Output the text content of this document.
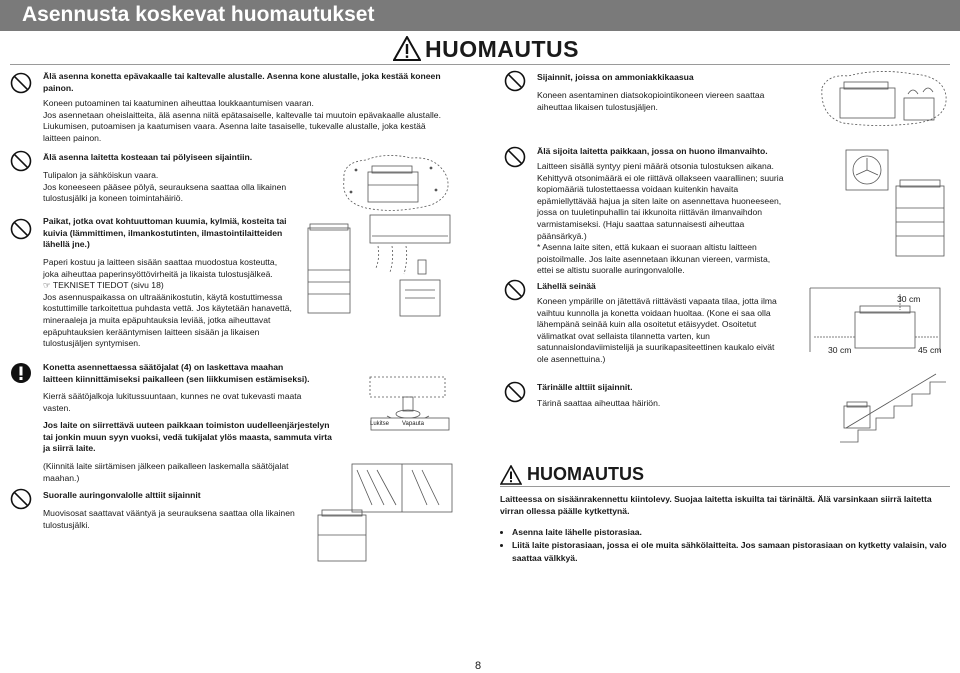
Asennusta koskevat huomautukset
HUOMAUTUS

Älä asenna konetta epävakaalle tai kaltevalle alustalle. Asenna kone alustalle, joka kestää koneen painon.

Koneen putoaminen tai kaatuminen aiheuttaa loukkaantumisen vaaran.
Jos asennetaan oheislaitteita, älä asenna niitä epätasaiselle, kaltevalle tai muutoin epävakaalle alustalle.
Liukumisen, putoamisen ja kaatumisen vaara. Asenna laite tasaiselle, tukevalle alustalle, joka kestää laitteen painon.

Älä asenna laitetta kosteaan tai pölyiseen sijaintiin.

Tulipalon ja sähköiskun vaara.
Jos koneeseen pääsee pölyä, seurauksena saattaa olla likainen tulostusjälki ja koneen toimintahäiriö.

Paikat, jotka ovat kohtuuttoman kuumia, kylmiä, kosteita tai kuivia (lämmittimen, ilmankostutinten, ilmastointilaitteiden lähellä jne.)

Paperi kostuu ja laitteen sisään saattaa muodostua kosteutta, joka aiheuttaa paperinsyöttövirheitä ja likaista tulostusjälkeä.
☞ TEKNISET TIEDOT (sivu 18)
Jos asennuspaikassa on ultraäänikostutin, käytä kostuttimessa kostuttimille tarkoitettua puhdasta vettä. Jos käytetään hanavettä, mineraaleja ja muita epäpuhtauksia leviää, jotka aiheuttavat epäpuhtauksien kerääntymisen laitteen sisään ja likaisen tulostusjäljen syntymisen.

Konetta asennettaessa säätöjalat (4) on laskettava maahan laitteen kiinnittämiseksi paikalleen (sen liikkumisen estämiseksi).

Kierrä säätöjalkoja lukitussuuntaan, kunnes ne ovat tukevasti maata vasten.

Jos laite on siirrettävä uuteen paikkaan toimiston uudelleenjärjestelyn tai jonkin muun syyn vuoksi, vedä tukijalat ylös maasta, sammuta virta ja siirrä laite.

(Kiinnitä laite siirtämisen jälkeen paikalleen laskemalla säätöjalat maahan.)

Lukitse Vapauta

Suoralle auringonvalolle alttiit sijainnit

Muovisosat saattavat vääntyä ja seurauksena saattaa olla likainen tulostusjälki.

Sijainnit, joissa on ammoniakkikaasua

Koneen asentaminen diatsokopiointikoneen viereen saattaa aiheuttaa likaisen tulostusjäljen.

Älä sijoita laitetta paikkaan, jossa on huono ilmanvaihto.

Laitteen sisällä syntyy pieni määrä otsonia tulostuksen aikana. Kehittyvä otsonimäärä ei ole riittävä ollakseen vaarallinen; suuria kopiomääriä tulostettaessa voidaan kuitenkin havaita epämiellyttävää hajua ja siten laite on asennettava huoneeseen, jossa on tuuletinpuhallin tai ikkunoita riittävän ilmanvaihdon varmistamiseksi. (Haju saattaa satunnaisesti aiheuttaa päänsärkyä.)
* Asenna laite siten, että kukaan ei suoraan altistu laitteen
poistoilmalle. Jos laite asennetaan ikkunan viereen, varmista,
ettei se altistu suoralle auringonvalolle.

Lähellä seinää

Koneen ympärille on jätettävä riittävästi vapaata tilaa, jotta ilma vaihtuu kunnolla ja konetta voidaan huoltaa. (Kone ei saa olla lähempänä seinää kuin alla osoitetut etäisyydet. Osoitetut välimatkat ovat sellaista tilannetta varten, kun satunnaislondaviimistelijä ja suurikapasiteettinen kaukalo eivät ole asennettuina.)

30 cm
30 cm	45 cm

Tärinälle alttiit sijainnit.

Tärinä saattaa aiheuttaa häiriön.

HUOMAUTUS

Laitteessa on sisäänrakennettu kiintolevy. Suojaa laitetta iskuilta tai tärinältä. Älä varsinkaan siirrä laitetta virran ollessa päälle kytkettynä.

• Asenna laite lähelle pistorasiaa.
• Liitä laite pistorasiaan, jossa ei ole muita sähkölaitteita. Jos samaan pistorasiaan on kytketty valaisin, valo saattaa välkkyä.
8
